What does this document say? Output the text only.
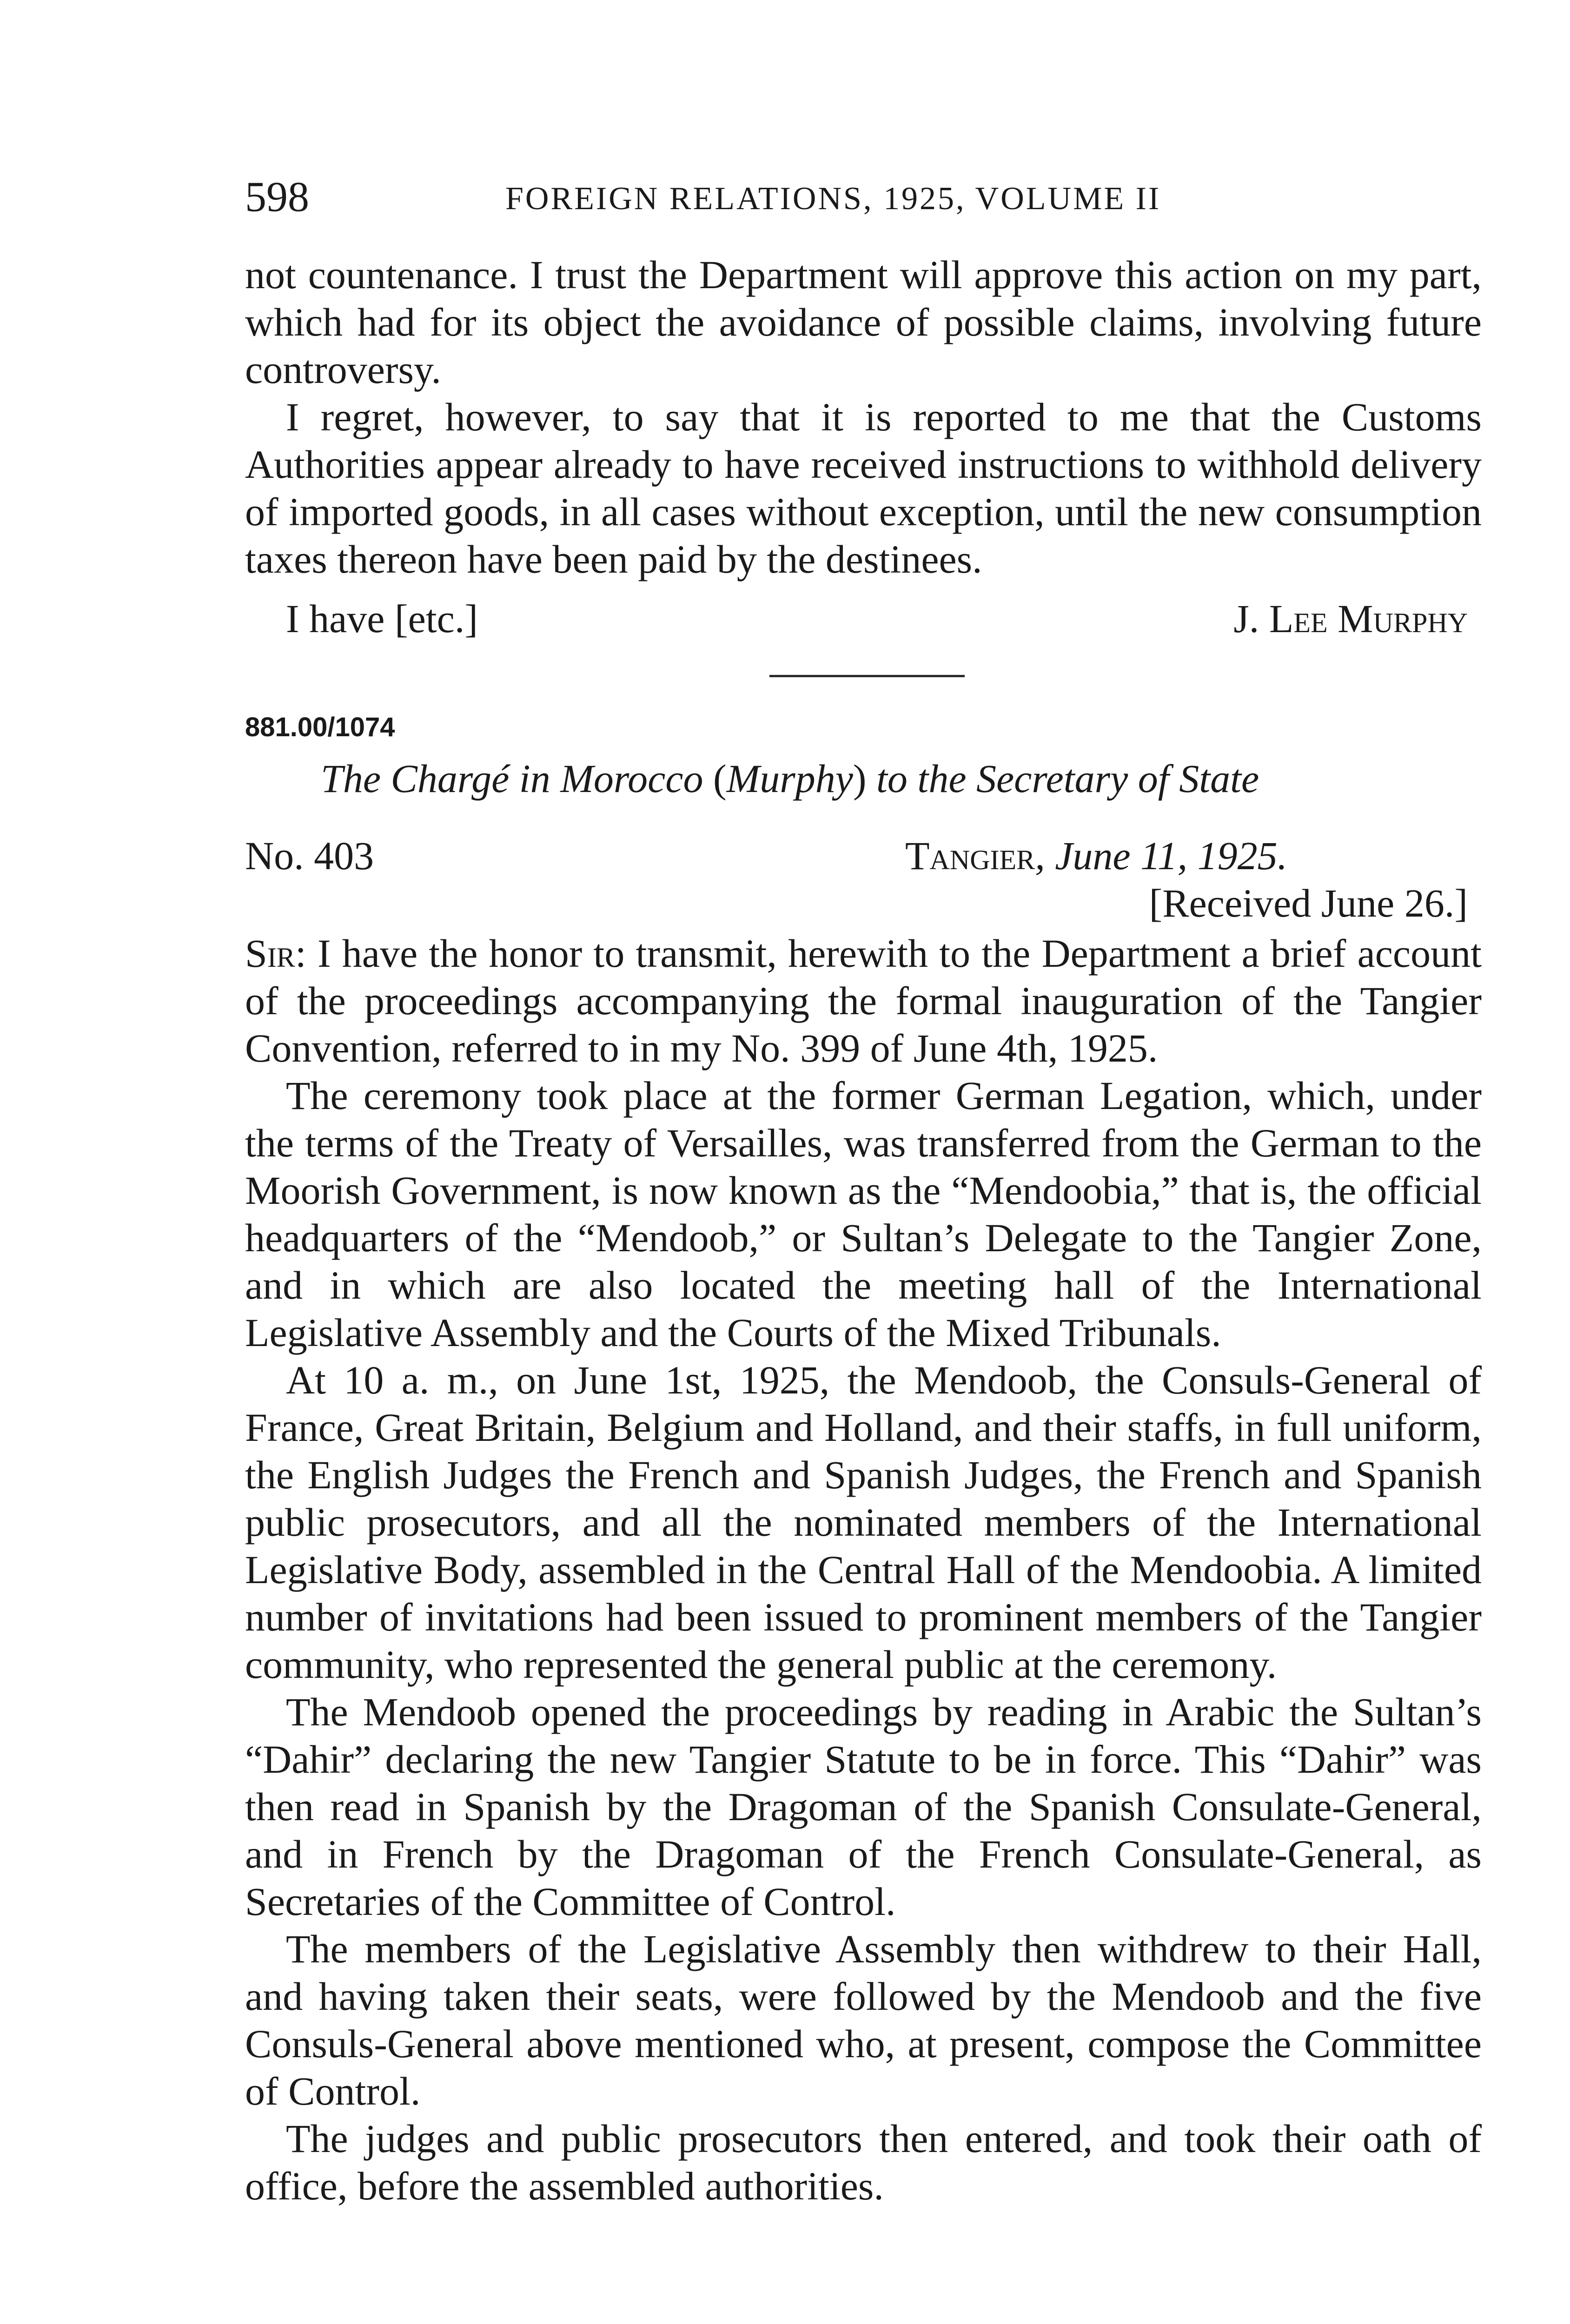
598	FOREIGN RELATIONS, 1925, VOLUME II

not countenance. I trust the Department will approve this action on my part, which had for its object the avoidance of possible claims, involving future controversy.

I regret, however, to say that it is reported to me that the Customs Authorities appear already to have received instructions to withhold delivery of imported goods, in all cases without exception, until the new consumption taxes thereon have been paid by the destinees.

I have [etc.]	J. Lee Murphy
881.00/1074
The Chargé in Morocco (Murphy) to the Secretary of State
No. 403	Tangier, June 11, 1925.
[Received June 26.]

Sir: I have the honor to transmit, herewith to the Department a brief account of the proceedings accompanying the formal inauguration of the Tangier Convention, referred to in my No. 399 of June 4th, 1925.

The ceremony took place at the former German Legation, which, under the terms of the Treaty of Versailles, was transferred from the German to the Moorish Government, is now known as the “Mendoobia,” that is, the official headquarters of the “Mendoob,” or Sultan’s Delegate to the Tangier Zone, and in which are also located the meeting hall of the International Legislative Assembly and the Courts of the Mixed Tribunals.

At 10 a. m., on June 1st, 1925, the Mendoob, the Consuls-General of France, Great Britain, Belgium and Holland, and their staffs, in full uniform, the English Judges the French and Spanish Judges, the French and Spanish public prosecutors, and all the nominated members of the International Legislative Body, assembled in the Central Hall of the Mendoobia. A limited number of invitations had been issued to prominent members of the Tangier community, who represented the general public at the ceremony.

The Mendoob opened the proceedings by reading in Arabic the Sultan’s “Dahir” declaring the new Tangier Statute to be in force. This “Dahir” was then read in Spanish by the Dragoman of the Spanish Consulate-General, and in French by the Dragoman of the French Consulate-General, as Secretaries of the Committee of Control.

The members of the Legislative Assembly then withdrew to their Hall, and having taken their seats, were followed by the Mendoob and the five Consuls-General above mentioned who, at present, compose the Committee of Control.

The judges and public prosecutors then entered, and took their oath of office, before the assembled authorities.
